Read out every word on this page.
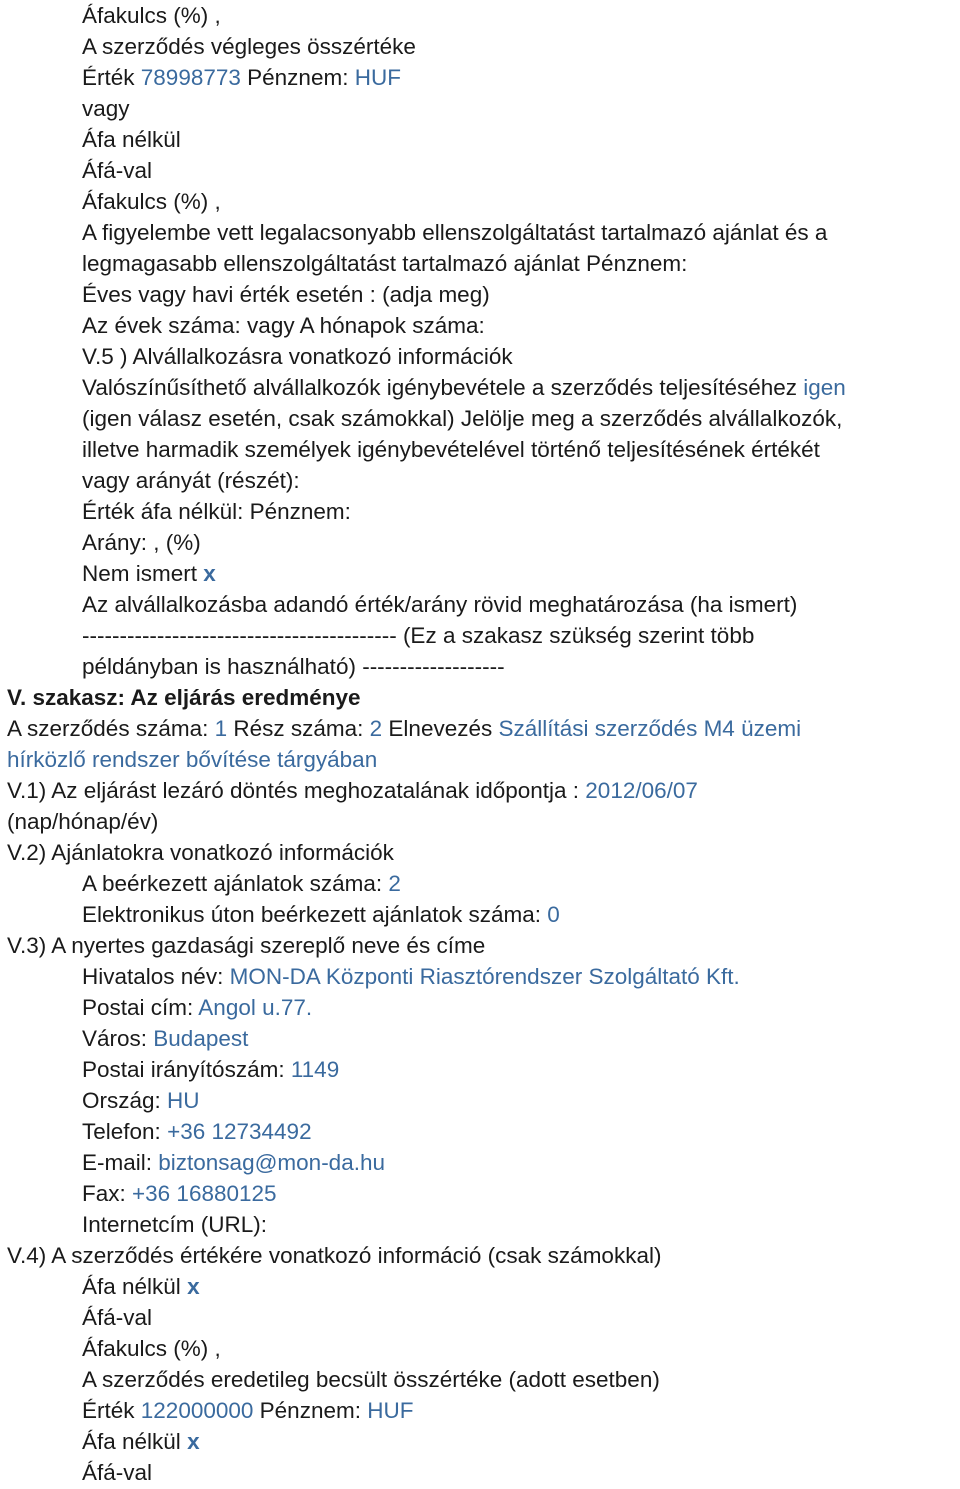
Áfakulcs (%) ,
A szerződés végleges összértéke
Érték 78998773 Pénznem: HUF
vagy
Áfa nélkül
Áfá-val
Áfakulcs (%) ,
A figyelembe vett legalacsonyabb ellenszolgáltatást tartalmazó ajánlat és a
legmagasabb ellenszolgáltatást tartalmazó ajánlat Pénznem:
Éves vagy havi érték esetén : (adja meg)
Az évek száma: vagy A hónapok száma:
V.5 ) Alvállalkozásra vonatkozó információk
Valószínűsíthető alvállalkozók igénybevétele a szerződés teljesítéséhez igen
(igen válasz esetén, csak számokkal) Jelölje meg a szerződés alvállalkozók,
illetve harmadik személyek igénybevételével történő teljesítésének értékét
vagy arányát (részét):
Érték áfa nélkül: Pénznem:
Arány: , (%)
Nem ismert x
Az alvállalkozásba adandó érték/arány rövid meghatározása (ha ismert)
------------------------------------------ (Ez a szakasz szükség szerint több
példányban is használható) -------------------
V. szakasz: Az eljárás eredménye
A szerződés száma: 1 Rész száma: 2 Elnevezés Szállítási szerződés M4 üzemi
hírközlő rendszer bővítése tárgyában
V.1) Az eljárást lezáró döntés meghozatalának időpontja : 2012/06/07
(nap/hónap/év)
V.2) Ajánlatokra vonatkozó információk
A beérkezett ajánlatok száma: 2
Elektronikus úton beérkezett ajánlatok száma: 0
V.3) A nyertes gazdasági szereplő neve és címe
Hivatalos név: MON-DA Központi Riasztórendszer Szolgáltató Kft.
Postai cím: Angol u.77.
Város: Budapest
Postai irányítószám: 1149
Ország: HU
Telefon: +36 12734492
E-mail: biztonsag@mon-da.hu
Fax: +36 16880125
Internetcím (URL):
V.4) A szerződés értékére vonatkozó információ (csak számokkal)
Áfa nélkül x
Áfá-val
Áfakulcs (%) ,
A szerződés eredetileg becsült összértéke (adott esetben)
Érték 122000000 Pénznem: HUF
Áfa nélkül x
Áfá-val
